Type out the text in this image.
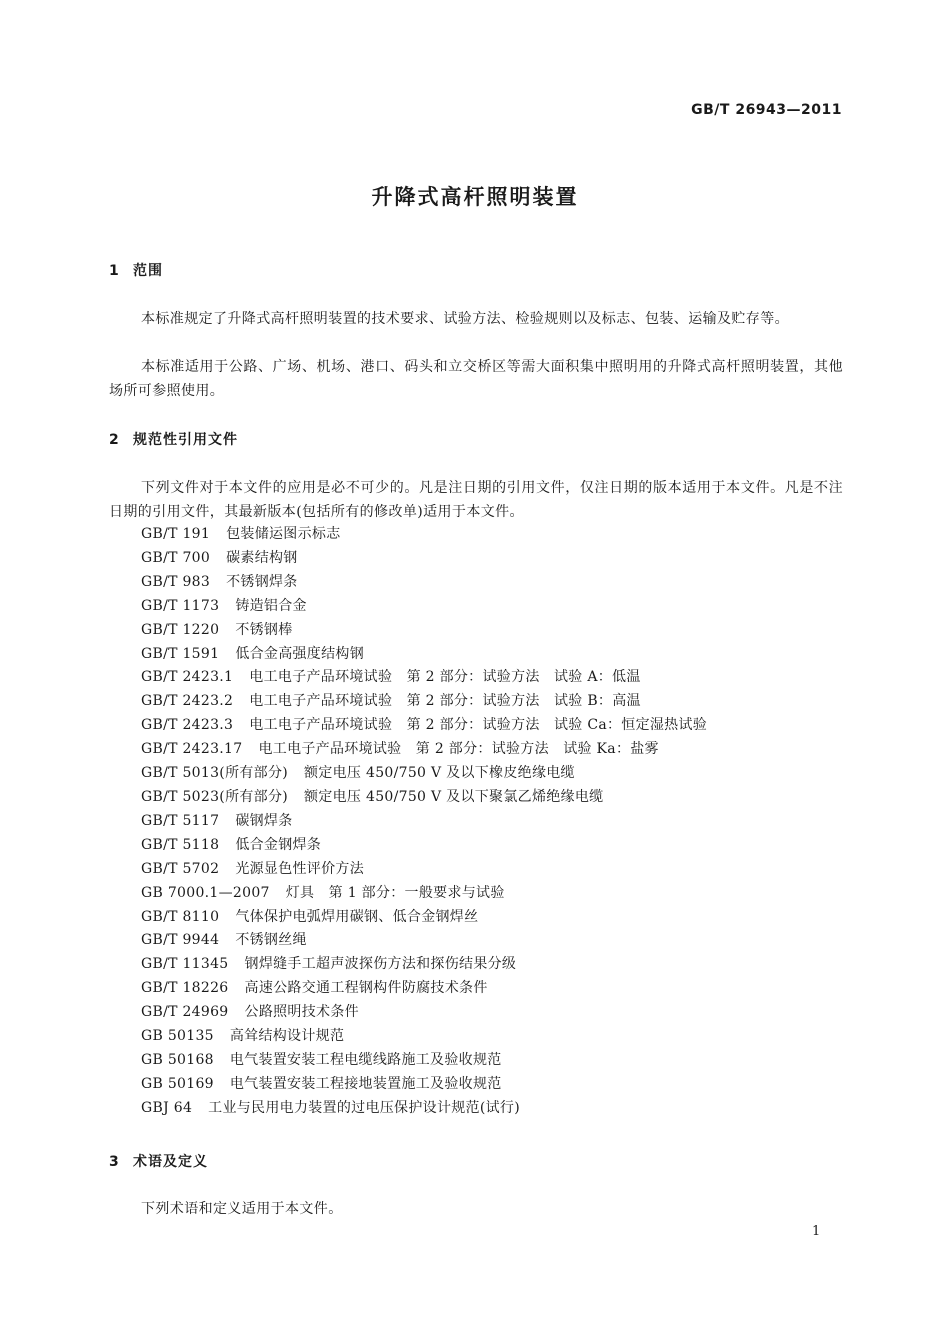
GB/T 26943—2011
升降式高杆照明装置
1 范围

本标准规定了升降式高杆照明装置的技术要求、试验方法、检验规则以及标志、包装、运输及贮存等。

本标准适用于公路、广场、机场、港口、码头和立交桥区等需大面积集中照明用的升降式高杆照明装置，其他场所可参照使用。

2 规范性引用文件

下列文件对于本文件的应用是必不可少的。凡是注日期的引用文件，仅注日期的版本适用于本文件。凡是不注日期的引用文件，其最新版本(包括所有的修改单)适用于本文件。

GB/T 191 包装储运图示标志
GB/T 700 碳素结构钢
GB/T 983 不锈钢焊条
GB/T 1173 铸造铝合金
GB/T 1220 不锈钢棒
GB/T 1591 低合金高强度结构钢
GB/T 2423.1 电工电子产品环境试验　第 2 部分：试验方法　试验 A：低温
GB/T 2423.2 电工电子产品环境试验　第 2 部分：试验方法　试验 B：高温
GB/T 2423.3 电工电子产品环境试验　第 2 部分：试验方法　试验 Ca：恒定湿热试验
GB/T 2423.17 电工电子产品环境试验　第 2 部分：试验方法　试验 Ka：盐雾
GB/T 5013(所有部分) 额定电压 450/750 V 及以下橡皮绝缘电缆
GB/T 5023(所有部分) 额定电压 450/750 V 及以下聚氯乙烯绝缘电缆
GB/T 5117 碳钢焊条
GB/T 5118 低合金钢焊条
GB/T 5702 光源显色性评价方法
GB 7000.1—2007 灯具　第 1 部分：一般要求与试验
GB/T 8110 气体保护电弧焊用碳钢、低合金钢焊丝
GB/T 9944 不锈钢丝绳
GB/T 11345 钢焊缝手工超声波探伤方法和探伤结果分级
GB/T 18226 高速公路交通工程钢构件防腐技术条件
GB/T 24969 公路照明技术条件
GB 50135 高耸结构设计规范
GB 50168 电气装置安装工程电缆线路施工及验收规范
GB 50169 电气装置安装工程接地装置施工及验收规范
GBJ 64 工业与民用电力装置的过电压保护设计规范(试行)
3 术语及定义

下列术语和定义适用于本文件。

1
